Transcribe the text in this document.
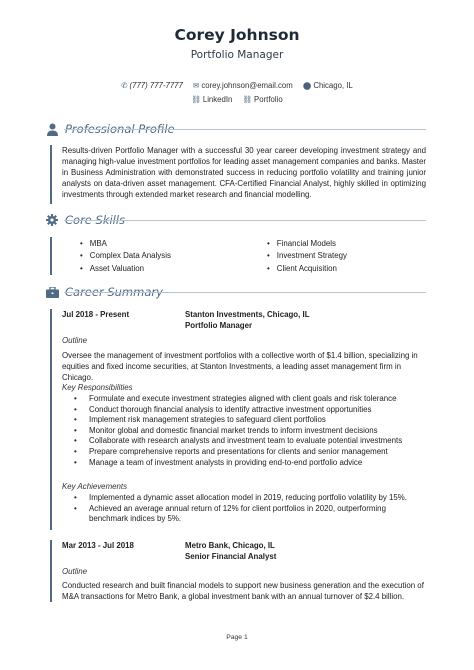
Corey Johnson
Portfolio Manager
✆ (777) 777-7777 ✉ corey.johnson@email.com ⬤ Chicago, IL
⛓ LinkedIn ⛓ Portfolio
Professional Profile
Results-driven Portfolio Manager with a successful 30 year career developing investment strategy and managing high-value investment portfolios for leading asset management companies and banks. Master in Business Administration with demonstrated success in reducing portfolio volatility and training junior analysts on data-driven asset management. CFA-Certified Financial Analyst, highly skilled in optimizing investments through extended market research and financial modelling.
Core Skills
• MBA
• Complex Data Analysis
• Asset Valuation
• Financial Models
• Investment Strategy
• Client Acquisition
Career Summary
Jul 2018 - Present	Stanton Investments, Chicago, IL
Portfolio Manager
Outline
Oversee the management of investment portfolios with a collective worth of $1.4 billion, specializing in equities and fixed income securities, at Stanton Investments, a leading asset management firm in Chicago.
Key Responsibilities
• Formulate and execute investment strategies aligned with client goals and risk tolerance
• Conduct thorough financial analysis to identify attractive investment opportunities
• Implement risk management strategies to safeguard client portfolios
• Monitor global and domestic financial market trends to inform investment decisions
• Collaborate with research analysts and investment team to evaluate potential investments
• Prepare comprehensive reports and presentations for clients and senior management
• Manage a team of investment analysts in providing end-to-end portfolio advice
Key Achievements
• Implemented a dynamic asset allocation model in 2019, reducing portfolio volatility by 15%.
• Achieved an average annual return of 12% for client portfolios in 2020, outperforming benchmark indices by 5%.
Mar 2013 - Jul 2018	Metro Bank, Chicago, IL
Senior Financial Analyst
Outline
Conducted research and built financial models to support new business generation and the execution of M&A transactions for Metro Bank, a global investment bank with an annual turnover of $2.4 billion.
Page 1
